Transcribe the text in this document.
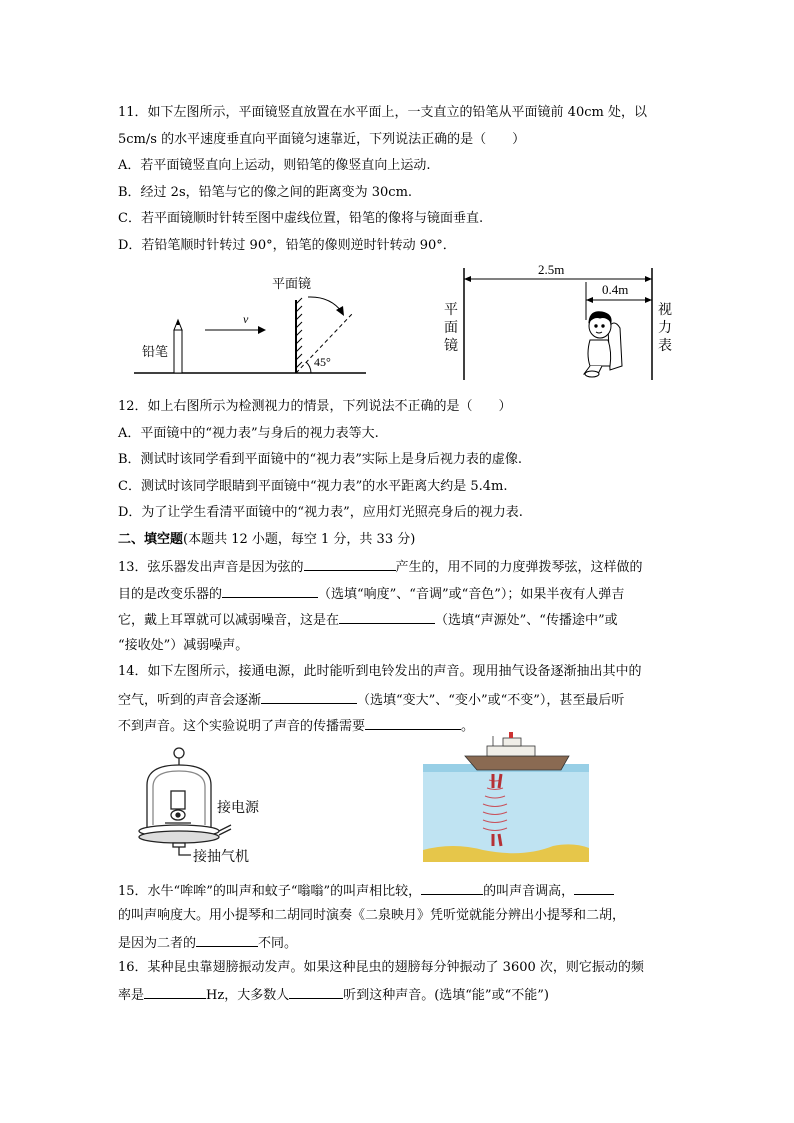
11．如下左图所示，平面镜竖直放置在水平面上，一支直立的铅笔从平面镜前 40cm 处，以
5cm/s 的水平速度垂直向平面镜匀速靠近，下列说法正确的是（　　）
A．若平面镜竖直向上运动，则铅笔的像竖直向上运动.
B．经过 2s，铅笔与它的像之间的距离变为 30cm.
C．若平面镜顺时针转至图中虚线位置，铅笔的像将与镜面垂直.
D．若铅笔顺时针转过 90°，铅笔的像则逆时针转动 90°．
铅笔
v
平面镜
45°
2.5m
0.4m
平
面
镜
视
力
表
12．如上右图所示为检测视力的情景，下列说法不正确的是（　　）
A．平面镜中的“视力表”与身后的视力表等大.
B．测试时该同学看到平面镜中的“视力表”实际上是身后视力表的虚像.
C．测试时该同学眼睛到平面镜中“视力表”的水平距离大约是 5.4m.
D．为了让学生看清平面镜中的“视力表”，应用灯光照亮身后的视力表.
二、填空题(本题共 12 小题，每空 1 分，共 33 分)
13．弦乐器发出声音是因为弦的	产生的，用不同的力度弹拨琴弦，这样做的
目的是改变乐器的	（选填“响度”、“音调”或“音色”）；如果半夜有人弹吉
它，戴上耳罩就可以减弱噪音，这是在	（选填“声源处”、“传播途中”或
“接收处”）减弱噪声。
14．如下左图所示，接通电源，此时能听到电铃发出的声音。现用抽气设备逐渐抽出其中的
空气，听到的声音会逐渐	（选填“变大”、“变小”或“不变”），甚至最后听
不到声音。这个实验说明了声音的传播需要	。
接电源
接抽气机
15．水牛“哞哞”的叫声和蚊子“嗡嗡”的叫声相比较，	的叫声音调高，
的叫声响度大。用小提琴和二胡同时演奏《二泉映月》凭听觉就能分辨出小提琴和二胡，
是因为二者的	不同。
16．某种昆虫靠翅膀振动发声。如果这种昆虫的翅膀每分钟振动了 3600 次，则它振动的频
率是	Hz，大多数人	听到这种声音。(选填“能”或“不能”)
